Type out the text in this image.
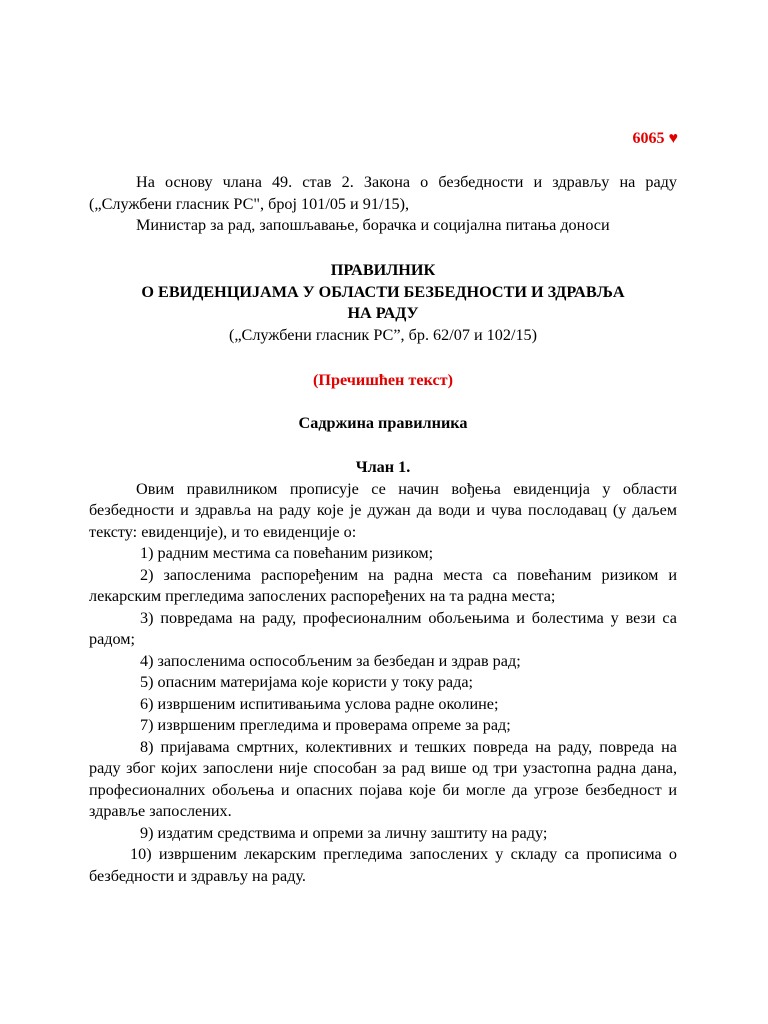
6065 ♥

На основу члана 49. став 2. Закона о безбедности и здрављу на раду („Службени гласник РС", број 101/05 и 91/15),

Министар за рад, запошљавање, борачка и социјална питања доноси

ПРАВИЛНИК

О ЕВИДЕНЦИЈАМА У ОБЛАСТИ БЕЗБЕДНОСТИ И ЗДРАВЉА

НА РАДУ

(„Службени гласник РС”, бр. 62/07 и 102/15)

(Пречишћен текст)

Садржина правилника

Члан 1.

Овим правилником прописује се начин вођења евиденција у области безбедности и здравља на раду које је дужан да води и чува послодавац (у даљем тексту: евиденције), и то евиденције о:

1) радним местима са повећаним ризиком;

2) запосленима распоређеним на радна места са повећаним ризиком и лекарским прегледима запослених распоређених на та радна места;

3) повредама на раду, професионалним обољењима и болестима у вези са радом;

4) запосленима оспособљеним за безбедан и здрав рад;

5) опасним материјама које користи у току рада;

6) извршеним испитивањима услова радне околине;

7) извршеним прегледима и проверама опреме за рад;

8) пријавама смртних, колективних и тешких повреда на раду, повреда на раду због којих запослени није способан за рад више од три узастопна радна дана, професионалних обољења и опасних појава које би могле да угрозе безбедност и здравље запослених.

9) издатим средствима и опреми за личну заштиту на раду;

10) извршеним лекарским прегледима запослених у складу са прописима о безбедности и здрављу на раду.
